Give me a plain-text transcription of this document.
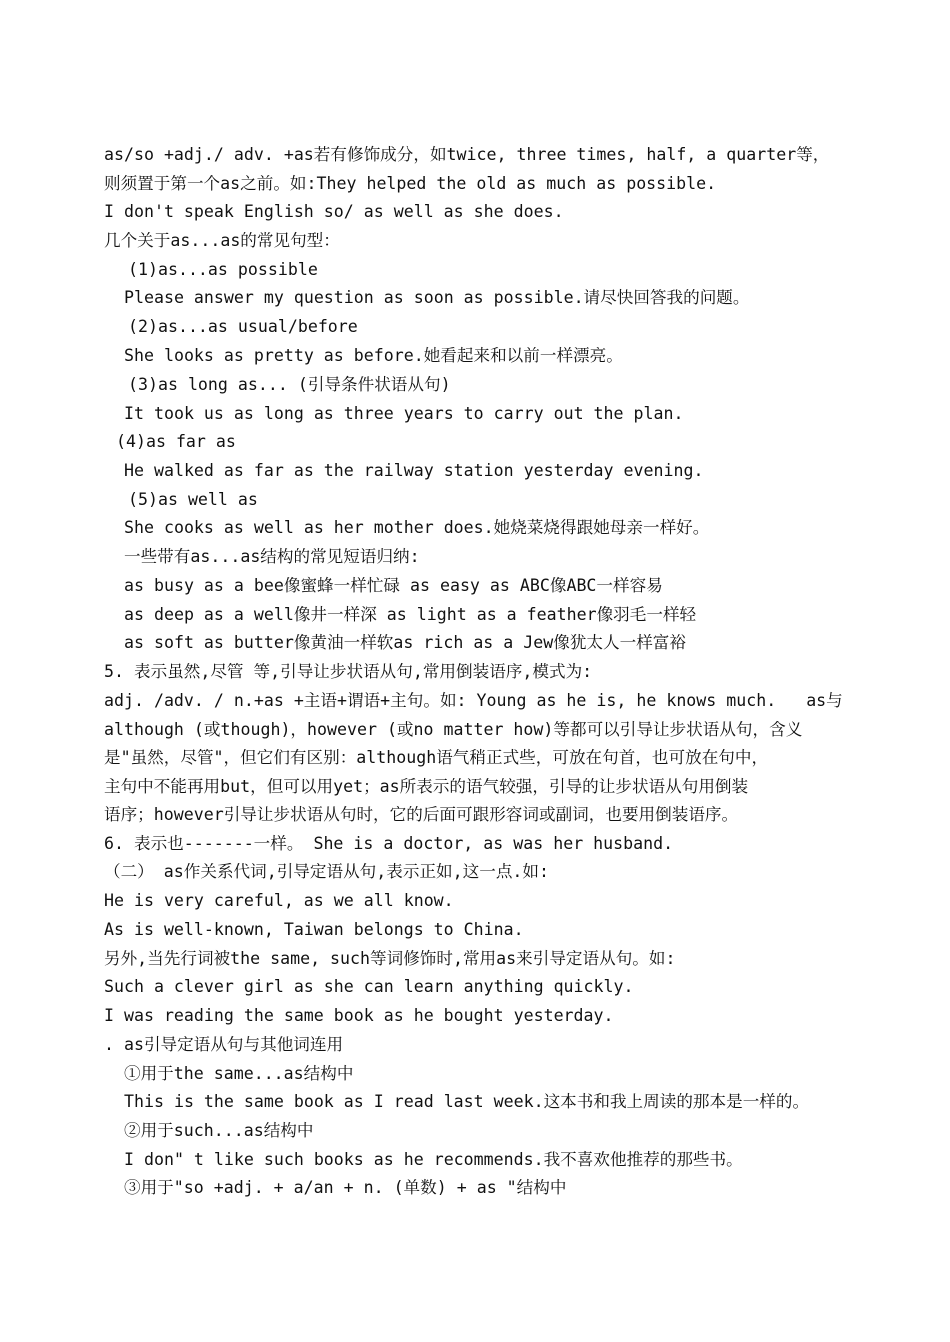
as/so +adj./ adv. +as若有修饰成分，如twice, three times, half, a quarter等，
则须置于第一个as之前。如:They helped the old as much as possible.
I don't speak English so/ as well as she does.
几个关于as...as的常见句型：
(1)as...as possible
Please answer my question as soon as possible.请尽快回答我的问题。
(2)as...as usual/before
She looks as pretty as before.她看起来和以前一样漂亮。
(3)as long as... (引导条件状语从句)
It took us as long as three years to carry out the plan.
(4)as far as
He walked as far as the railway station yesterday evening.
(5)as well as
She cooks as well as her mother does.她烧菜烧得跟她母亲一样好。
一些带有as...as结构的常见短语归纳:
as busy as a bee像蜜蜂一样忙碌 as easy as ABC像ABC一样容易
as deep as a well像井一样深 as light as a feather像羽毛一样轻
as soft as butter像黄油一样软as rich as a Jew像犹太人一样富裕
5. 表示虽然,尽管 等,引导让步状语从句,常用倒装语序,模式为:
adj. /adv. / n.+as +主语+谓语+主句。如: Young as he is, he knows much.   as与
although (或though)，however (或no matter how)等都可以引导让步状语从句，含义
是"虽然，尽管"，但它们有区别：although语气稍正式些，可放在句首，也可放在句中，
主句中不能再用but，但可以用yet；as所表示的语气较强，引导的让步状语从句用倒装
语序；however引导让步状语从句时，它的后面可跟形容词或副词，也要用倒装语序。
6. 表示也-------一样。 She is a doctor, as was her husband.
（二） as作关系代词,引导定语从句,表示正如,这一点.如:
He is very careful, as we all know.
As is well-known, Taiwan belongs to China.
另外,当先行词被the same, such等词修饰时,常用as来引导定语从句。如:
Such a clever girl as she can learn anything quickly.
I was reading the same book as he bought yesterday.
. as引导定语从句与其他词连用
①用于the same...as结构中
This is the same book as I read last week.这本书和我上周读的那本是一样的。
②用于such...as结构中
I don" t like such books as he recommends.我不喜欢他推荐的那些书。
③用于"so +adj. + a/an + n. (单数) + as "结构中
